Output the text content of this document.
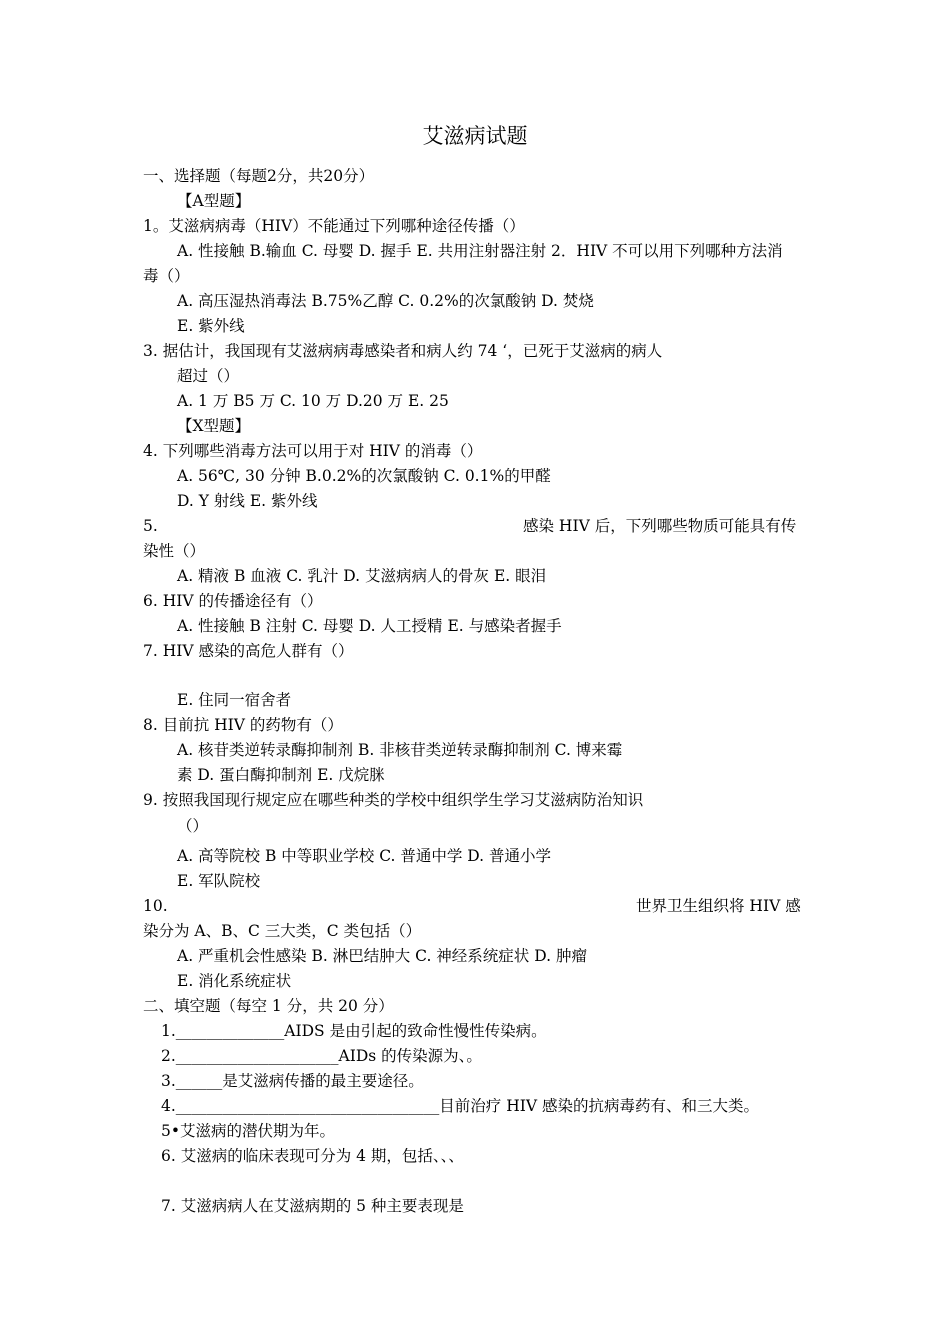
艾滋病试题
一、选择题（每题2分，共20分）
【A型题】
1。艾滋病病毒（HIV）不能通过下列哪种途径传播（）
A. 性接触 B.输血 C. 母婴 D. 握手 E. 共用注射器注射 2．HIV 不可以用下列哪种方法消
毒（）
A. 高压湿热消毒法 B.75%乙醇 C. 0.2%的次氯酸钠 D. 焚烧
E. 紫外线
3. 据估计，我国现有艾滋病病毒感染者和病人约 74 ‘，已死于艾滋病的病人
超过（）
A. 1 万 B5 万 C. 10 万 D.20 万 E. 25
【X型题】
4. 下列哪些消毒方法可以用于对 HIV 的消毒（）
A. 56℃, 30 分钟 B.0.2%的次氯酸钠 C. 0.1%的甲醛
D. Y 射线 E. 紫外线
5.	感染 HIV 后，下列哪些物质可能具有传
染性（）
A. 精液 B 血液 C. 乳汁 D. 艾滋病病人的骨灰 E. 眼泪
6. HIV 的传播途径有（）
A. 性接触 B 注射 C. 母婴 D. 人工授精 E. 与感染者握手
7. HIV 感染的高危人群有（）
E. 住同一宿舍者
8. 目前抗 HIV 的药物有（）
A. 核苷类逆转录酶抑制剂 B. 非核苷类逆转录酶抑制剂 C. 博来霉
素 D. 蛋白酶抑制剂 E. 戊烷脒
9. 按照我国现行规定应在哪些种类的学校中组织学生学习艾滋病防治知识
（）
A. 高等院校 B 中等职业学校 C. 普通中学 D. 普通小学
E. 军队院校
10.	世界卫生组织将 HIV 感
染分为 A、B、C 三大类，C 类包括（）
A. 严重机会性感染 B. 淋巴结肿大 C. 神经系统症状 D. 肿瘤
E. 消化系统症状
二、填空题（每空 1 分，共 20 分）
1.______________AIDS 是由引起的致命性慢性传染病。
2._____________________AIDs 的传染源为、。
3.______是艾滋病传播的最主要途径。
4.__________________________________目前治疗 HIV 感染的抗病毒药有、和三大类。
5•艾滋病的潜伏期为年。
6. 艾滋病的临床表现可分为 4 期，包括、、、
7. 艾滋病病人在艾滋病期的 5 种主要表现是
